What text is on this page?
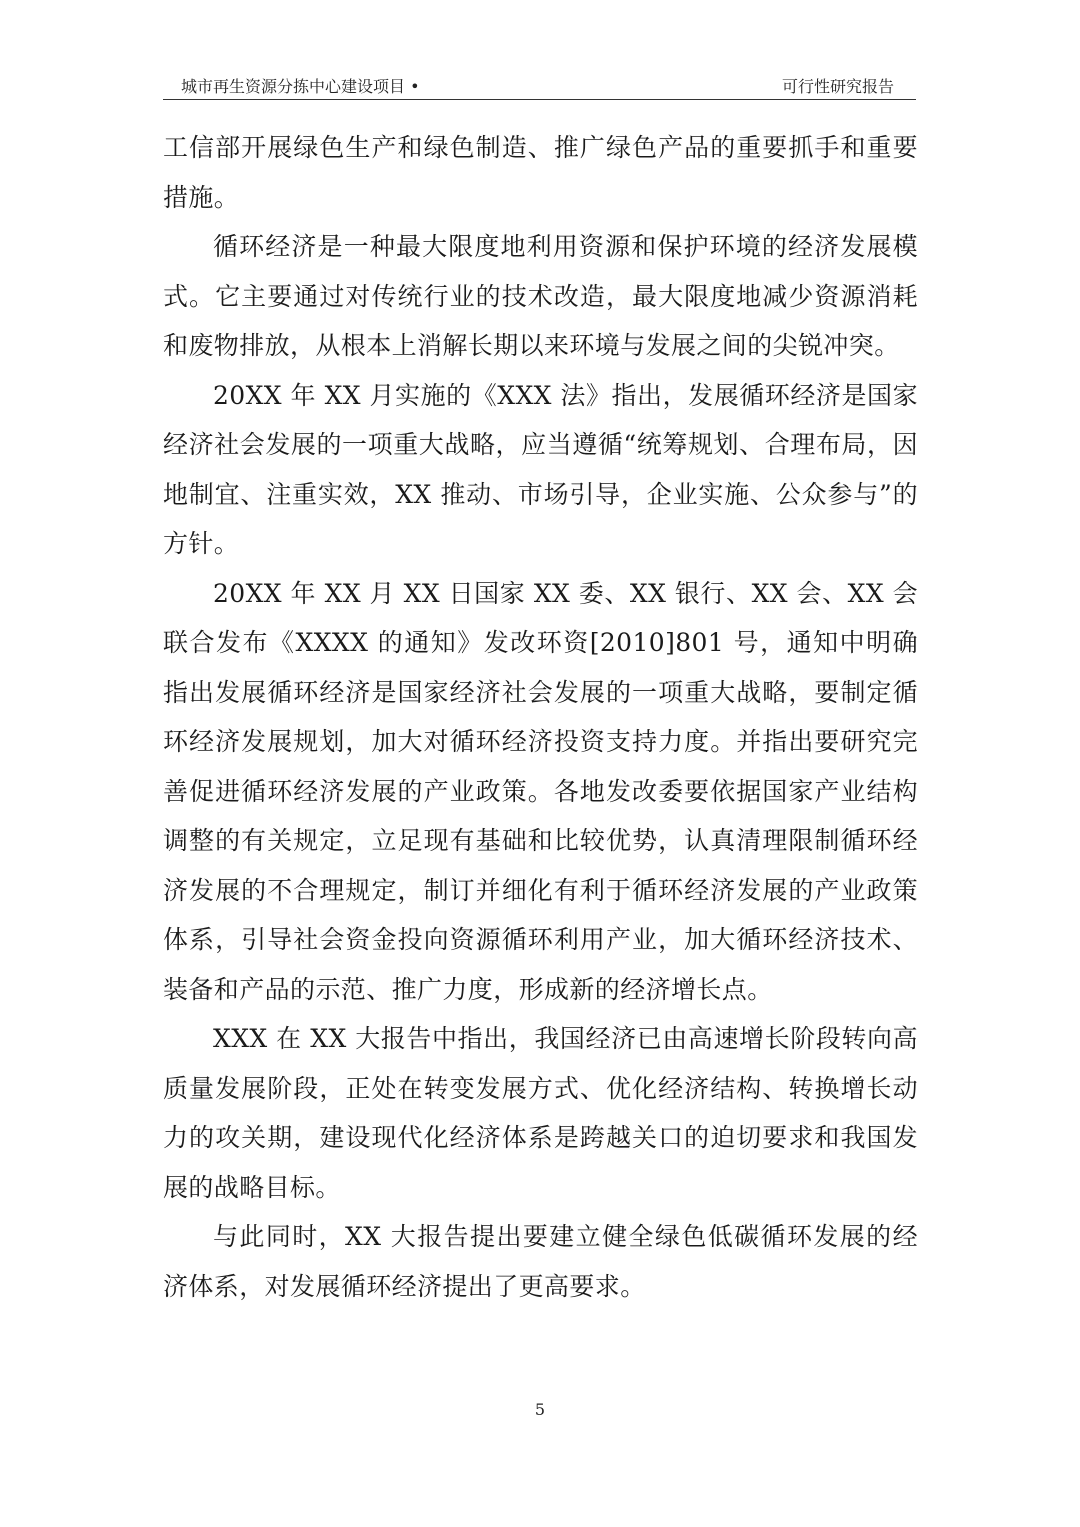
城市再生资源分拣中心建设项目 •	可行性研究报告

工信部开展绿色生产和绿色制造、推广绿色产品的重要抓手和重要措施。

循环经济是一种最大限度地利用资源和保护环境的经济发展模式。它主要通过对传统行业的技术改造，最大限度地减少资源消耗和废物排放，从根本上消解长期以来环境与发展之间的尖锐冲突。

20XX 年 XX 月实施的《XXX 法》指出，发展循环经济是国家经济社会发展的一项重大战略，应当遵循“统筹规划、合理布局，因地制宜、注重实效，XX 推动、市场引导，企业实施、公众参与”的方针。

20XX 年 XX 月 XX 日国家 XX 委、XX 银行、XX 会、XX 会联合发布《XXXX 的通知》发改环资[2010]801 号，通知中明确指出发展循环经济是国家经济社会发展的一项重大战略，要制定循环经济发展规划，加大对循环经济投资支持力度。并指出要研究完善促进循环经济发展的产业政策。各地发改委要依据国家产业结构调整的有关规定，立足现有基础和比较优势，认真清理限制循环经济发展的不合理规定，制订并细化有利于循环经济发展的产业政策体系，引导社会资金投向资源循环利用产业，加大循环经济技术、装备和产品的示范、推广力度，形成新的经济增长点。

XXX 在 XX 大报告中指出，我国经济已由高速增长阶段转向高质量发展阶段，正处在转变发展方式、优化经济结构、转换增长动力的攻关期，建设现代化经济体系是跨越关口的迫切要求和我国发展的战略目标。

与此同时，XX 大报告提出要建立健全绿色低碳循环发展的经济体系，对发展循环经济提出了更高要求。

5
